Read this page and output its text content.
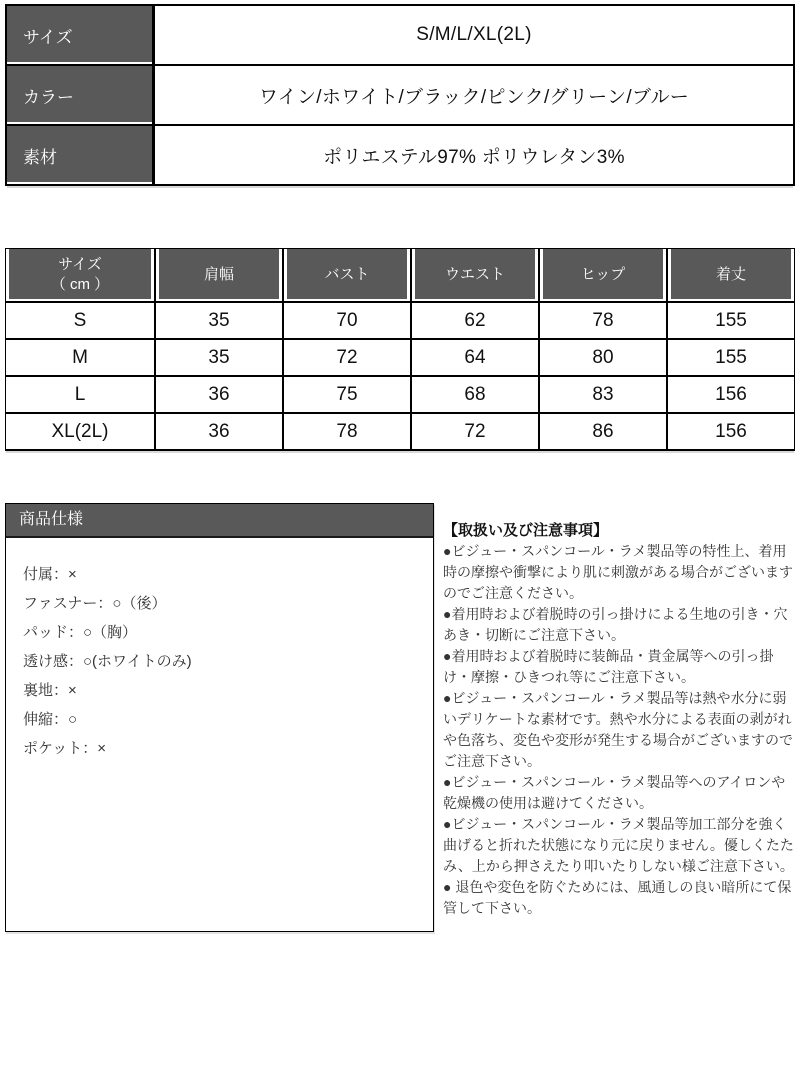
サイズ	S/M/L/XL(2L)
カラー	ワイン/ホワイト/ブラック/ピンク/グリーン/ブルー
素材	ポリエステル97% ポリウレタン3%
サイズ
（ cm ）
肩幅	バスト	ウエスト	ヒップ	着丈
S	35	70	62	78	155
M	35	72	64	80	155
L	36	75	68	83	156
XL(2L)	36	78	72	86	156
商品仕様

付属：×

ファスナー：○（後）

パッド：○（胸）

透け感：○(ホワイトのみ)

裏地：×

伸縮：○

ポケット：×

【取扱い及び注意事項】

●ビジュー・スパンコール・ラメ製品等の特性上、着用時の摩擦や衝撃により肌に刺激がある場合がございますのでご注意ください。

●着用時および着脱時の引っ掛けによる生地の引き・穴あき・切断にご注意下さい。

●着用時および着脱時に装飾品・貴金属等への引っ掛け・摩擦・ひきつれ等にご注意下さい。

●ビジュー・スパンコール・ラメ製品等は熱や水分に弱いデリケートな素材です。熱や水分による表面の剥がれや色落ち、変色や変形が発生する場合がございますのでご注意下さい。

●ビジュー・スパンコール・ラメ製品等へのアイロンや乾燥機の使用は避けてください。

●ビジュー・スパンコール・ラメ製品等加工部分を強く曲げると折れた状態になり元に戻りません。優しくたたみ、上から押さえたり叩いたりしない様ご注意下さい。

● 退色や変色を防ぐためには、風通しの良い暗所にて保管して下さい。
